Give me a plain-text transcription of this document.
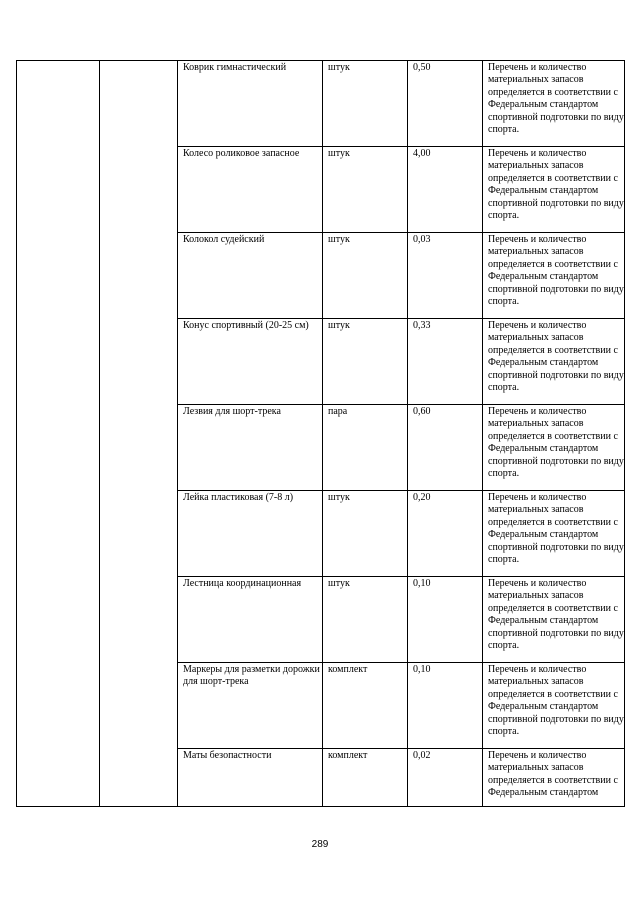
		Коврик гимнастический	штук	0,50	Перечень и количество материальных запасов определяется в соответствии с Федеральным стандартом спортивной подготовки по виду спорта.

		Колесо роликовое запасное	штук	4,00	Перечень и количество материальных запасов определяется в соответствии с Федеральным стандартом спортивной подготовки по виду спорта.

		Колокол судейский	штук	0,03	Перечень и количество материальных запасов определяется в соответствии с Федеральным стандартом спортивной подготовки по виду спорта.

		Конус спортивный (20-25 см)	штук	0,33	Перечень и количество материальных запасов определяется в соответствии с Федеральным стандартом спортивной подготовки по виду спорта.

		Лезвия для шорт-трека	пара	0,60	Перечень и количество материальных запасов определяется в соответствии с Федеральным стандартом спортивной подготовки по виду спорта.

		Лейка пластиковая (7-8 л)	штук	0,20	Перечень и количество материальных запасов определяется в соответствии с Федеральным стандартом спортивной подготовки по виду спорта.

		Лестница координационная	штук	0,10	Перечень и количество материальных запасов определяется в соответствии с Федеральным стандартом спортивной подготовки по виду спорта.

		Маркеры для разметки дорожки для шорт-трека	комплект	0,10	Перечень и количество материальных запасов определяется в соответствии с Федеральным стандартом спортивной подготовки по виду спорта.

		Маты безопастности	комплект	0,02	Перечень и количество материальных запасов определяется в соответствии с Федеральным стандартом
289
